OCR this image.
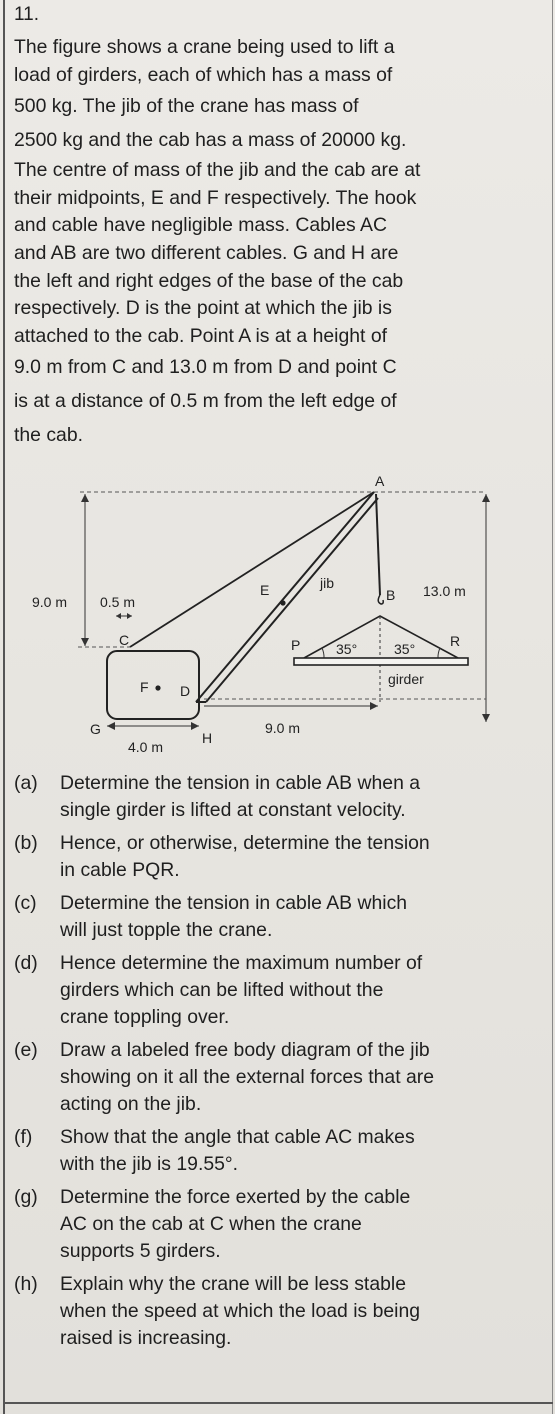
11.
The figure shows a crane being used to lift a
load of girders, each of which has a mass of
500 kg. The jib of the crane has mass of
2500 kg and the cab has a mass of 20000 kg.
The centre of mass of the jib and the cab are at
their midpoints, E and F respectively. The hook
and cable have negligible mass. Cables AC
and AB are two different cables. G and H are
the left and right edges of the base of the cab
respectively. D is the point at which the jib is
attached to the cab. Point A is at a height of
9.0 m from C and 13.0 m from D and point C
is at a distance of 0.5 m from the left edge of
the cab.
A
B
C
D
E
F
G
H
P	R
jib
girder
9.0 m 0.5 m
13.0 m
9.0 m
4.0 m
35°	35°
(a) Determine the tension in cable AB when a
single girder is lifted at constant velocity.
(b) Hence, or otherwise, determine the tension
in cable PQR.
(c) Determine the tension in cable AB which
will just topple the crane.
(d) Hence determine the maximum number of
girders which can be lifted without the
crane toppling over.
(e) Draw a labeled free body diagram of the jib
showing on it all the external forces that are
acting on the jib.
(f) Show that the angle that cable AC makes
with the jib is 19.55°.
(g) Determine the force exerted by the cable
AC on the cab at C when the crane
supports 5 girders.
(h) Explain why the crane will be less stable
when the speed at which the load is being
raised is increasing.
